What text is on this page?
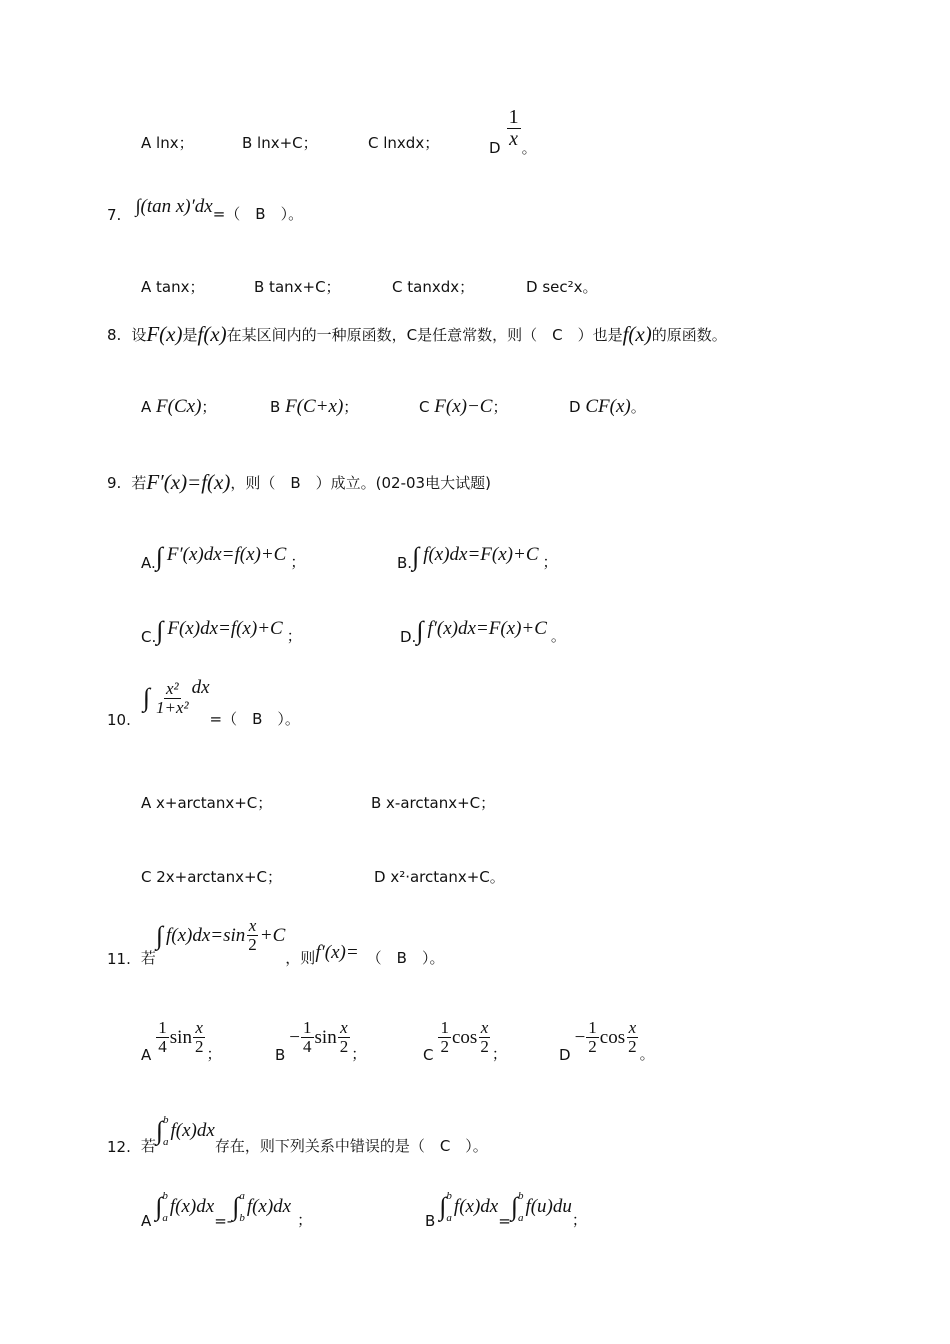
A lnx；	B lnx+C；	C lnxdx；	D $\frac{1}{x}$ 。
7. ∫(tan x)′dx =（　B　）。
A tanx；	B tanx+C；	C tanxdx；	D sec²x。
8. 设 F(x) 是 f(x) 在某区间内的一种原函数，C是任意常数，则（　C　）也是 f(x) 的原函数。
A F(Cx)；	B F(C+x)；	C F(x)−C；	D CF(x)。
9. 若 F′(x)=f(x) ，则（　B　）成立。(02-03电大试题)
A. ∫ F′(x)dx=f(x)+C ；	B. ∫ f(x)dx=F(x)+C ；
C. ∫ F(x)dx=f(x)+C ；	D. ∫ f′(x)dx=F(x)+C 。
10.
∫ $\frac{\text{x²}}{\text{1+x²}}$ dx
=（　B　）。
A x+arctanx+C；	B x-arctanx+C；
C 2x+arctanx+C；	D x²·arctanx+C。
11. 若
∫ $f(x)dx=\sin \frac{x}{2} +C$
，则 f′(x)= （　B　）。
A $\frac{1}{4}$ $\sin \frac{x}{2}$ ；	B
− $\frac{1}{4}$ $\sin \frac{x}{2}$ ；	C $\frac{1}{2}$ $\cos \frac{x}{2}$ ；	D
− $\frac{1}{2}$ $\cos \frac{x}{2}$ 。
12. 若
∫ b
a
f(x)dx
存在，则下列关系中错误的是（　C　）。
A ∫ b
a
f(x)dx
=- ∫ a
b
f(x)dx
；	B ∫ b
a
f(x)dx
= ∫ b
a
f(u)du
；
